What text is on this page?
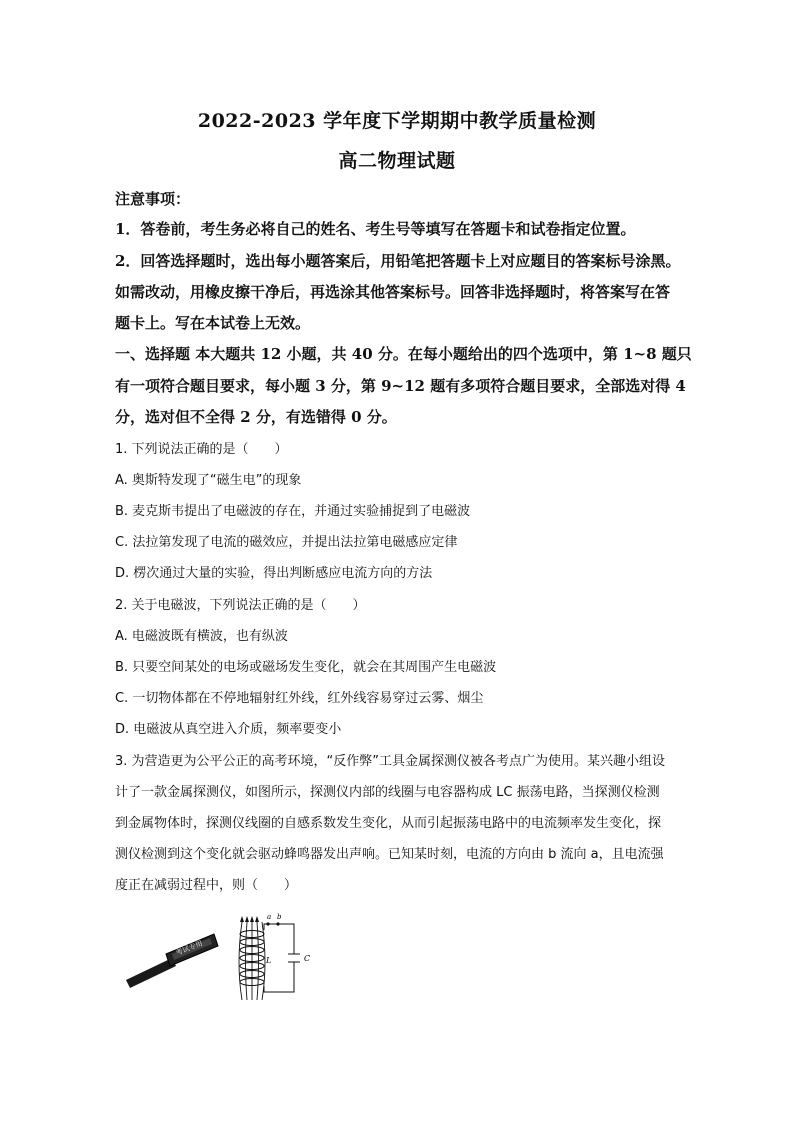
2022-2023 学年度下学期期中教学质量检测
高二物理试题
注意事项：
1．答卷前，考生务必将自己的姓名、考生号等填写在答题卡和试卷指定位置。
2．回答选择题时，选出每小题答案后，用铅笔把答题卡上对应题目的答案标号涂黑。
如需改动，用橡皮擦干净后，再选涂其他答案标号。回答非选择题时，将答案写在答
题卡上。写在本试卷上无效。
一、选择题 本大题共 12 小题，共 40 分。在每小题给出的四个选项中，第 1~8 题只
有一项符合题目要求，每小题 3 分，第 9~12 题有多项符合题目要求，全部选对得 4
分，选对但不全得 2 分，有选错得 0 分。
1. 下列说法正确的是（　　）
A. 奥斯特发现了“磁生电”的现象
B. 麦克斯韦提出了电磁波的存在，并通过实验捕捉到了电磁波
C. 法拉第发现了电流的磁效应，并提出法拉第电磁感应定律
D. 楞次通过大量的实验，得出判断感应电流方向的方法
2. 关于电磁波，下列说法正确的是（　　）
A. 电磁波既有横波，也有纵波
B. 只要空间某处的电场或磁场发生变化，就会在其周围产生电磁波
C. 一切物体都在不停地辐射红外线，红外线容易穿过云雾、烟尘
D. 电磁波从真空进入介质，频率要变小
3. 为营造更为公平公正的高考环境，“反作弊”工具金属探测仪被各考点广为使用。某兴趣小组设
计了一款金属探测仪，如图所示，探测仪内部的线圈与电容器构成 LC 振荡电路，当探测仪检测
到金属物体时，探测仪线圈的自感系数发生变化，从而引起振荡电路中的电流频率发生变化，探
测仪检测到这个变化就会驱动蜂鸣器发出声响。已知某时刻，电流的方向由 b 流向 a，且电流强
度正在减弱过程中，则（　　）
考试专用
a b
L	C
